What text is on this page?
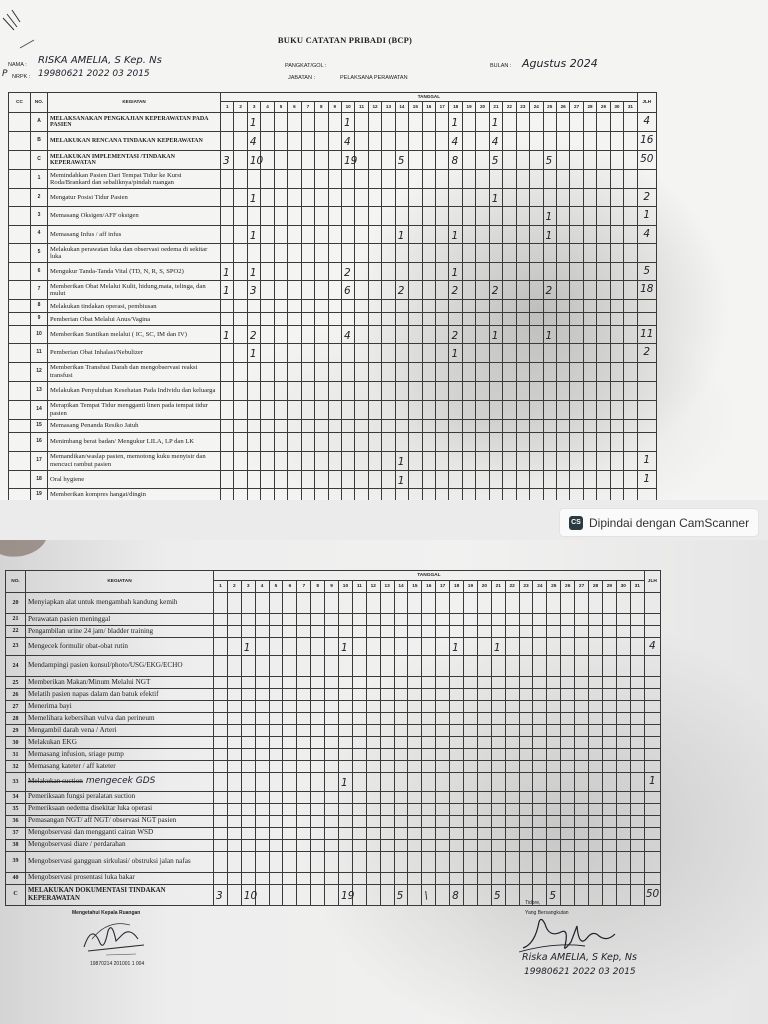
BUKU CATATAN PRIBADI (BCP)
NAMA : RISKA AMELIA, S Kep. Ns
P NRPK : 19980621 2022 03 2015
PANGKAT/GOL :
JABATAN :	PELAKSANA PERAWATAN
BULAN : Agustus 2024
CC	NO.	KEGIATAN	TANGGAL																															JLH
			1	2	3	4	5	6	7	8	9	10	11	12	13	14	15	16	17	18	19	20	21	22	23	24	25	26	27	28	29	30	31	
	A	MELAKSANAKAN PENGKAJIAN KEPERAWATAN PADA PASIEN			1							1								1			1											4
	B	MELAKUKAN RENCANA TINDAKAN KEPERAWATAN			4							4								4			4											16
	C	MELAKUKAN IMPLEMENTASI /TINDAKAN KEPERAWATAN	3		10							19				5				8			5				5							50
	1	Memindahkan Pasien Dari Tempat Tidur ke Kursi Roda/Brankard dan sebaliknya/pindah ruangan																																
	2	Mengatur Posisi Tidur Pasien			1																		1											2
	3	Memasang Oksigen/AFF oksigen																									1							1
	4	Memasang Infus / aff infus			1											1				1							1							4
	5	Melakukan perawatan luka dan observasi oedema di sekitar luka																																
	6	Mengukur Tanda-Tanda Vital (TD, N, R, S, SPO2)	1		1							2								1														5
	7	Memberikan Obat Melalui Kulit, hidung,mata, telinga, dan mulut	1		3							6				2				2			2				2							18
	8	Melakukan tindakan operasi, pembiusan																																
	9	Pemberian Obat Melalui Anus/Vagina																																
	10	Memberikan Suntikan melalui ( IC, SC, IM dan IV)	1		2							4								2			1				1							11
	11	Pemberian Obat Inhalasi/Nebulizer			1															1														2
	12	Memberikan Transfusi Darah dan mengobservasi reaksi transfusi																																
	13	Melakukan Penyuluhan Kesehatan Pada Individu dan keluarga																																
	14	Merapikan Tempat Tidur mengganti linen pada tempat tidur pasien																																
	15	Memasang Penanda Resiko Jatuh																																
	16	Menimbang berat badan/ Mengukur LILA, LP dan LK																																
	17	Memandikan/waslap pasien, memotong kuku menyisir dan mencuci rambut pasien														1																		1
	18	Oral hygiene														1																		1
	19	Memberikan kompres hangat/dingin																																
CS Dipindai dengan CamScanner
NO.	KEGIATAN	TANGGAL																															JLH
		1	2	3	4	5	6	7	8	9	10	11	12	13	14	15	16	17	18	19	20	21	22	23	24	25	26	27	28	29	30	31	
20	Menyiapkan alat untuk mengambah kandung kemih																																
21	Perawatan pasien meninggal																																
22	Pengambilan urine 24 jam/ bladder training																																
23	Mengecek formulir obat-obat rutin			1							1								1			1											4
24	Mendampingi pasien konsul/photo/USG/EKG/ECHO																																
25	Memberikan Makan/Minum Melalui NGT																																
26	Melatih pasien napas dalam dan batuk efektif																																
27	Menerima bayi																																
28	Memelihara kebersihan vulva dan perineum																																
29	Mengambil darah vena / Arteri																																
30	Melakukan EKG																																
31	Memasang infusion, sriage pump																																
32	Memasang kateter / aff kateter																																
33	Melakukan suction mengecek GDS										1																						1
34	Pemeriksaan fungsi peralatan suction																																
35	Pemeriksaan oedema disekitar luka operasi																																
36	Pemasangan NGT/ aff NGT/ observasi NGT pasien																																
37	Mengobservasi dan mengganti cairan WSD																																
38	Mengobservasi diare / perdarahan																																
39	Mengobservasi gangguan sirkulasi/ obstruksi jalan nafas																																
40	Mengobservasi prosentasi luka bakar																																
C	MELAKUKAN DOKUMENTASI TINDAKAN KEPERAWATAN	3		10							19				5		\		8			5				5							50
Mengetahui Kepala Ruangan
19870214 201001 1 004
Tidore,
Yang Bersangkutan
Riska AMELIA, S Kep, Ns
19980621 2022 03 2015
